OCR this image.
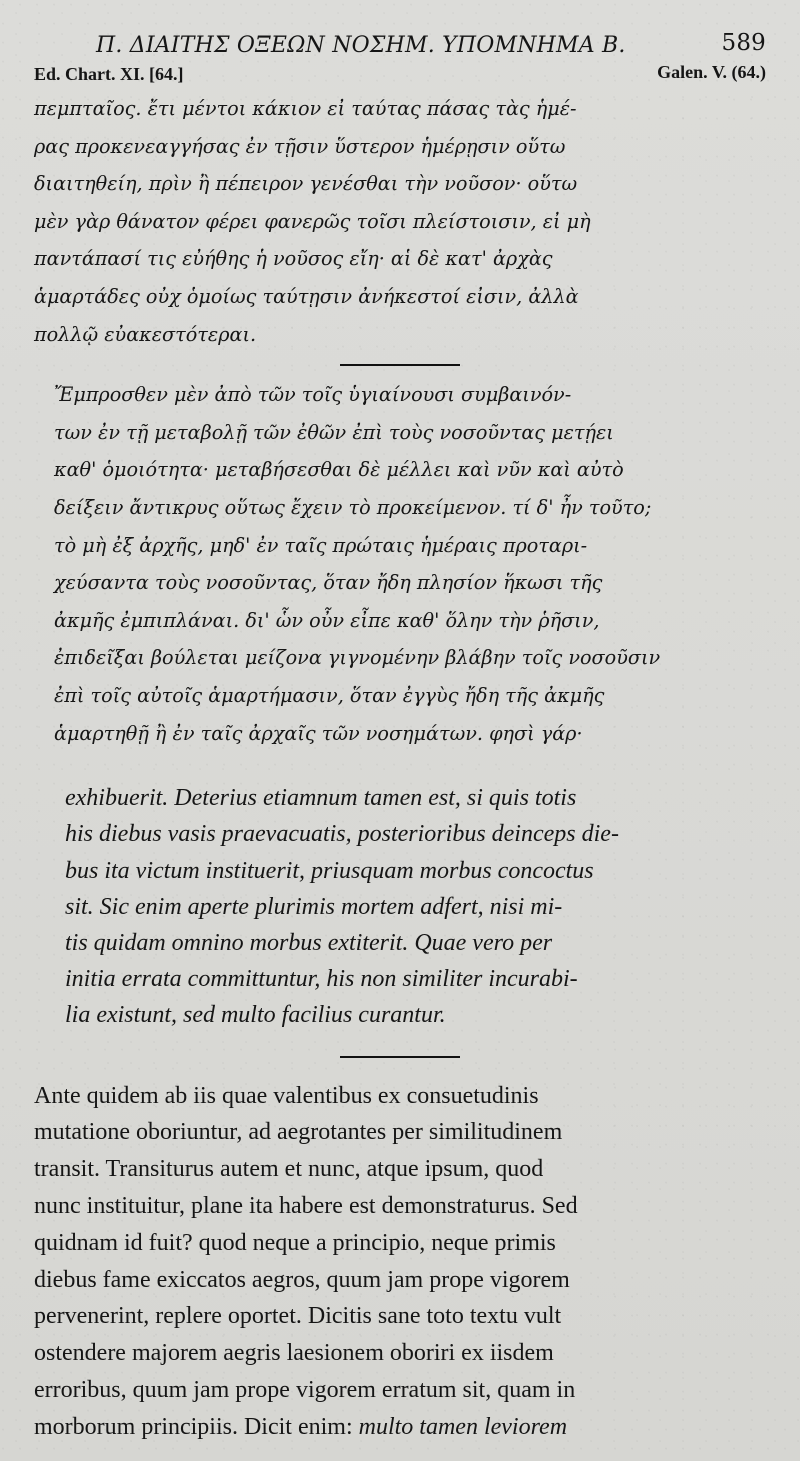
Π. ΔΙΑΙΤΗΣ ΟΞΕΩΝ ΝΟΣΗΜ. ΥΠΟΜΝΗΜΑ Β.	589
Ed. Chart. XI. [64.]	Galen. V. (64.)
πεμπταῖος. ἔτι μέντοι κάκιον εἰ ταύτας πάσας τὰς ἡμέ-
ρας προκενεαγγήσας ἐν τῇσιν ὕστερον ἡμέρῃσιν οὕτω
διαιτηθείη, πρὶν ἢ πέπειρον γενέσθαι τὴν νοῦσον· οὕτω
μὲν γὰρ θάνατον φέρει φανερῶς τοῖσι πλείστοισιν, εἰ μὴ
παντάπασί τις εὐήθης ἡ νοῦσος εἴη· αἱ δὲ κατ' ἀρχὰς
ἁμαρτάδες οὐχ ὁμοίως ταύτῃσιν ἀνήκεστοί εἰσιν, ἀλλὰ
πολλῷ εὐακεστότεραι.
Ἔμπροσθεν μὲν ἀπὸ τῶν τοῖς ὑγιαίνουσι συμβαινόν-
των ἐν τῇ μεταβολῇ τῶν ἐθῶν ἐπὶ τοὺς νοσοῦντας μετῄει
καθ' ὁμοιότητα· μεταβήσεσθαι δὲ μέλλει καὶ νῦν καὶ αὐτὸ
δείξειν ἄντικρυς οὕτως ἔχειν τὸ προκείμενον. τί δ' ἦν τοῦτο;
τὸ μὴ ἐξ ἀρχῆς, μηδ' ἐν ταῖς πρώταις ἡμέραις προταρι-
χεύσαντα τοὺς νοσοῦντας, ὅταν ἤδη πλησίον ἥκωσι τῆς
ἀκμῆς ἐμπιπλάναι. δι' ὧν οὖν εἶπε καθ' ὅλην τὴν ῥῆσιν,
ἐπιδεῖξαι βούλεται μείζονα γιγνομένην βλάβην τοῖς νοσοῦσιν
ἐπὶ τοῖς αὐτοῖς ἁμαρτήμασιν, ὅταν ἐγγὺς ἤδη τῆς ἀκμῆς
ἁμαρτηθῇ ἢ ἐν ταῖς ἀρχαῖς τῶν νοσημάτων. φησὶ γάρ·
exhibuerit. Deterius etiamnum tamen est, si quis totis
his diebus vasis praevacuatis, posterioribus deinceps die-
bus ita victum instituerit, priusquam morbus concoctus
sit. Sic enim aperte plurimis mortem adfert, nisi mi-
tis quidam omnino morbus extiterit. Quae vero per
initia errata committuntur, his non similiter incurabi-
lia existunt, sed multo facilius curantur.
Ante quidem ab iis quae valentibus ex consuetudinis
mutatione oboriuntur, ad aegrotantes per similitudinem
transit. Transiturus autem et nunc, atque ipsum, quod
nunc instituitur, plane ita habere est demonstraturus. Sed
quidnam id fuit? quod neque a principio, neque primis
diebus fame exiccatos aegros, quum jam prope vigorem
pervenerint, replere oportet. Dicitis sane toto textu vult
ostendere majorem aegris laesionem oboriri ex iisdem
erroribus, quum jam prope vigorem erratum sit, quam in
morborum principiis. Dicit enim: multo tamen leviorem
